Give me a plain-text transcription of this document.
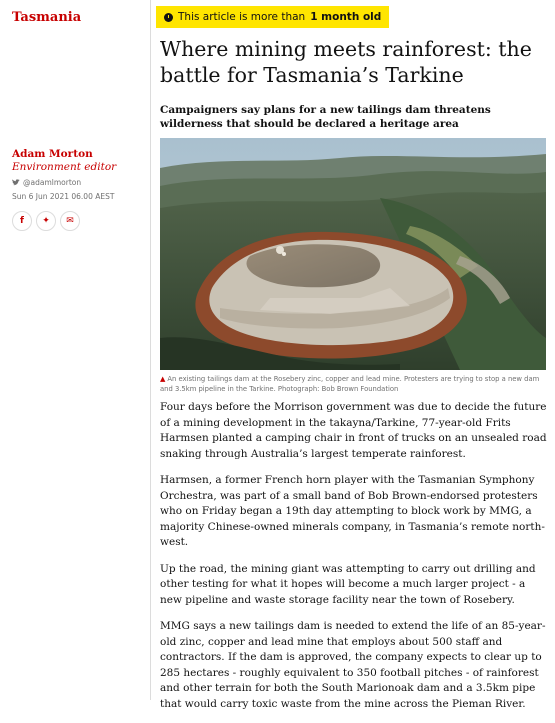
Tasmania	This article is more than 1 month old
Where mining meets rainforest: the battle for Tasmania’s Tarkine
Campaigners say plans for a new tailings dam threatens wilderness that should be declared a heritage area
Adam Morton Environment editor
@adamlmorton
Sun 6 Jun 2021 06.00 AEST
f ✦ ✉
▲ An existing tailings dam at the Rosebery zinc, copper and lead mine. Protesters are trying to stop a new dam and 3.5km pipeline in the Tarkine. Photograph: Bob Brown Foundation

Four days before the Morrison government was due to decide the future of a mining development in the takayna/Tarkine, 77-year-old Frits Harmsen planted a camping chair in front of trucks on an unsealed road snaking through Australia’s largest temperate rainforest.

Harmsen, a former French horn player with the Tasmanian Symphony Orchestra, was part of a small band of Bob Brown-endorsed protesters who on Friday began a 19th day attempting to block work by MMG, a majority Chinese-owned minerals company, in Tasmania’s remote north-west.

Up the road, the mining giant was attempting to carry out drilling and other testing for what it hopes will become a much larger project - a new pipeline and waste storage facility near the town of Rosebery.

MMG says a new tailings dam is needed to extend the life of an 85-year-old zinc, copper and lead mine that employs about 500 staff and contractors. If the dam is approved, the company expects to clear up to 285 hectares - roughly equivalent to 350 football pitches - of rainforest and other terrain for both the South Marionoak dam and a 3.5km pipe that would carry toxic waste from the mine across the Pieman River.
